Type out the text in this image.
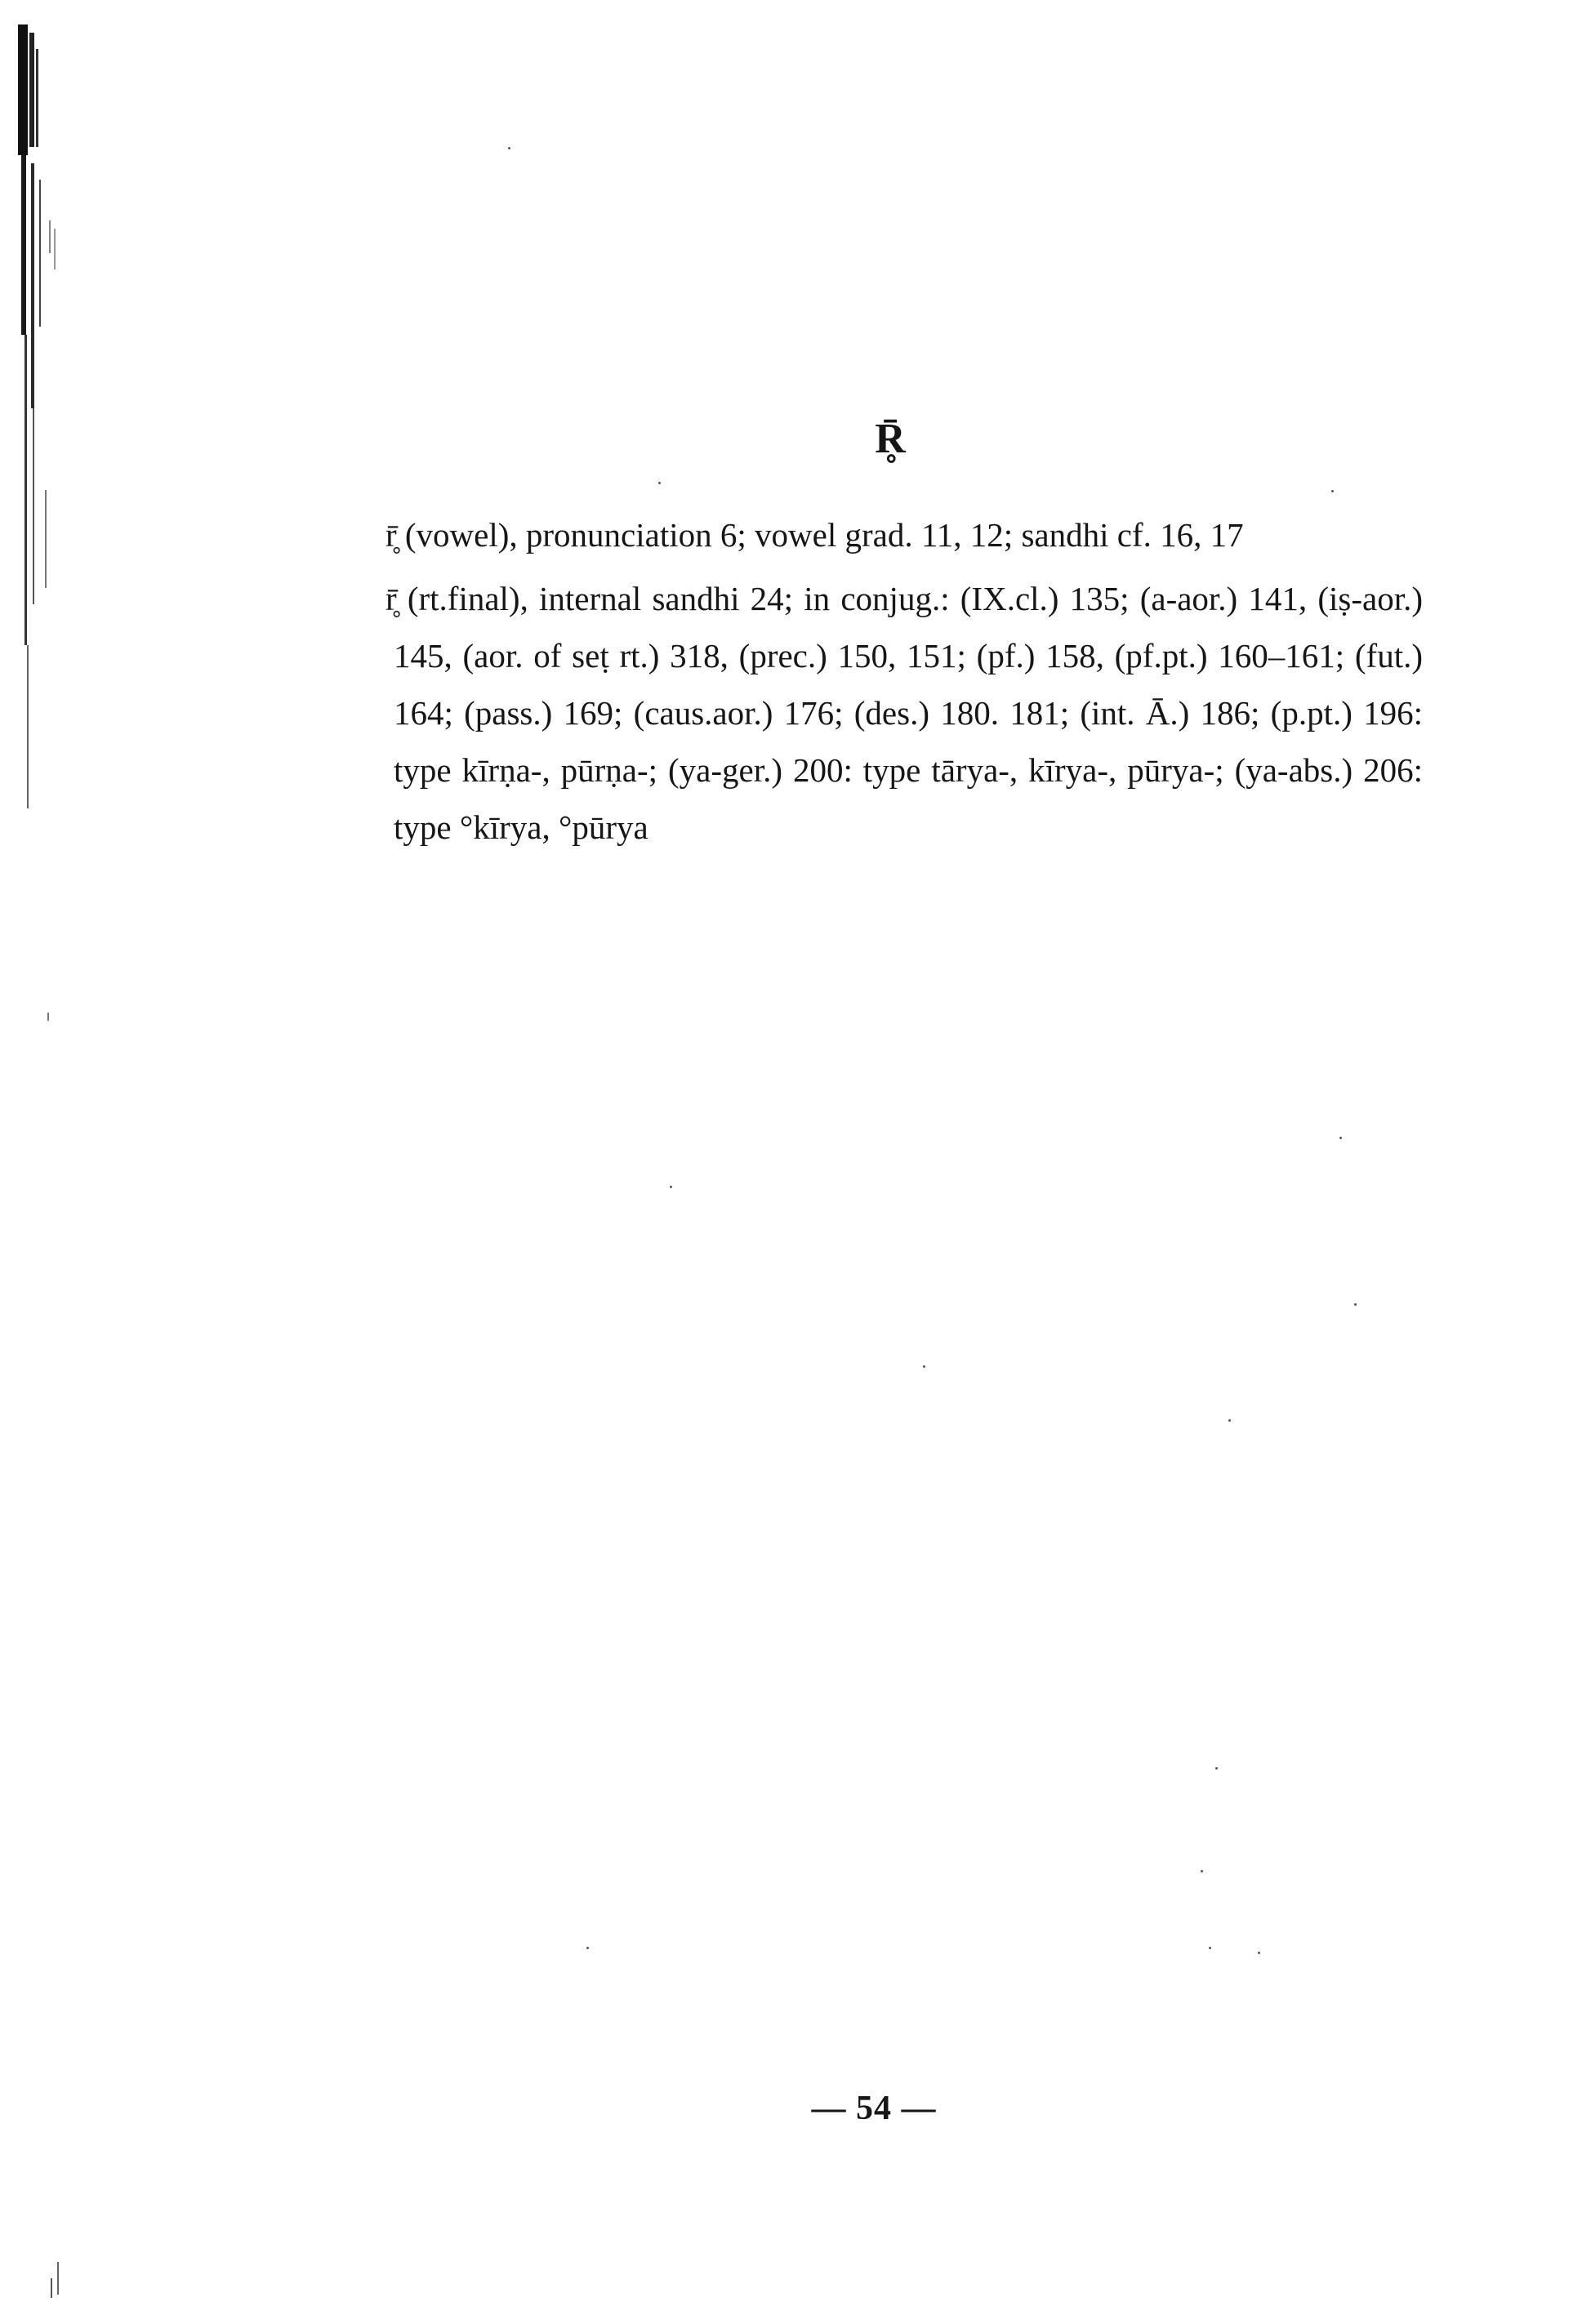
R̥̄

r̥̄ (vowel), pronunciation 6; vowel grad. 11, 12; sandhi cf. 16, 17

r̥̄ (rt.final), internal sandhi 24; in conjug.: (IX.cl.) 135; (a-aor.) 141, (iṣ-aor.) 145, (aor. of seṭ rt.) 318, (prec.) 150, 151; (pf.) 158, (pf.pt.) 160–161; (fut.) 164; (pass.) 169; (caus.aor.) 176; (des.) 180. 181; (int. Ā.) 186; (p.pt.) 196: type kīrṇa-, pūrṇa-; (ya-ger.) 200: type tārya-, kīrya-, pūrya-; (ya-abs.) 206: type °kīrya, °pūrya

— 54 —
